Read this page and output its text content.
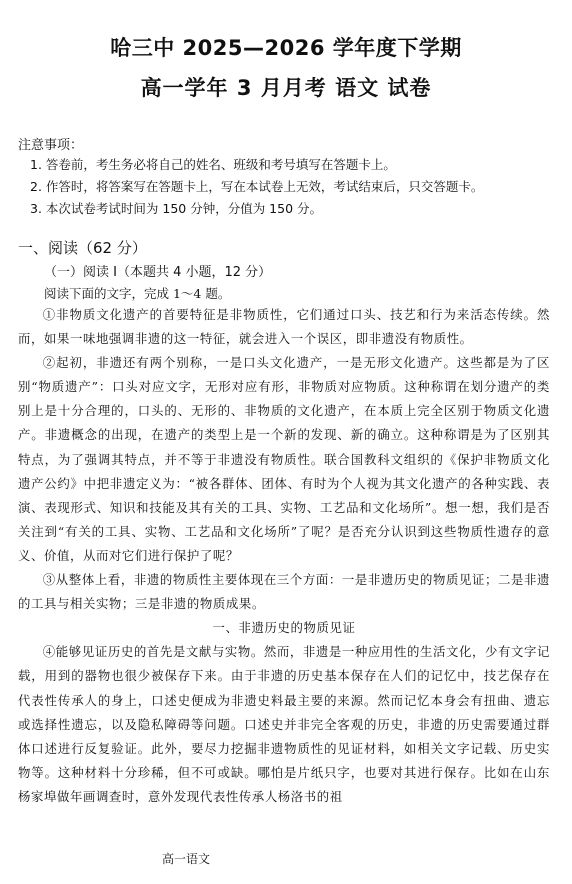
哈三中 2025—2026 学年度下学期
高一学年 3 月月考 语文 试卷
注意事项：
1. 答卷前，考生务必将自己的姓名、班级和考号填写在答题卡上。
2. 作答时，将答案写在答题卡上，写在本试卷上无效，考试结束后，只交答题卡。
3. 本次试卷考试时间为 150 分钟，分值为 150 分。
一、阅读（62 分）
（一）阅读 I（本题共 4 小题，12 分）
阅读下面的文字，完成 1～4 题。

①非物质文化遗产的首要特征是非物质性，它们通过口头、技艺和行为来活态传续。然而，如果一味地强调非遗的这一特征，就会进入一个误区，即非遗没有物质性。

②起初，非遗还有两个别称，一是口头文化遗产，一是无形文化遗产。这些都是为了区别“物质遗产”：口头对应文字，无形对应有形，非物质对应物质。这种称谓在划分遗产的类别上是十分合理的，口头的、无形的、非物质的文化遗产，在本质上完全区别于物质文化遗产。非遗概念的出现，在遗产的类型上是一个新的发现、新的确立。这种称谓是为了区别其特点，为了强调其特点，并不等于非遗没有物质性。联合国教科文组织的《保护非物质文化遗产公约》中把非遗定义为：“被各群体、团体、有时为个人视为其文化遗产的各种实践、表演、表现形式、知识和技能及其有关的工具、实物、工艺品和文化场所”。想一想，我们是否关注到“有关的工具、实物、工艺品和文化场所”了呢？是否充分认识到这些物质性遗存的意义、价值，从而对它们进行保护了呢？

③从整体上看，非遗的物质性主要体现在三个方面：一是非遗历史的物质见证；二是非遗的工具与相关实物；三是非遗的物质成果。

一、非遗历史的物质见证

④能够见证历史的首先是文献与实物。然而，非遗是一种应用性的生活文化，少有文字记载，用到的器物也很少被保存下来。由于非遗的历史基本保存在人们的记忆中，技艺保存在代表性传承人的身上，口述史便成为非遗史料最主要的来源。然而记忆本身会有扭曲、遗忘或选择性遗忘，以及隐私障碍等问题。口述史并非完全客观的历史，非遗的历史需要通过群体口述进行反复验证。此外，要尽力挖掘非遗物质性的见证材料，如相关文字记载、历史实物等。这种材料十分珍稀，但不可或缺。哪怕是片纸只字，也要对其进行保存。比如在山东杨家埠做年画调查时，意外发现代表性传承人杨洛书的祖

高一语文
